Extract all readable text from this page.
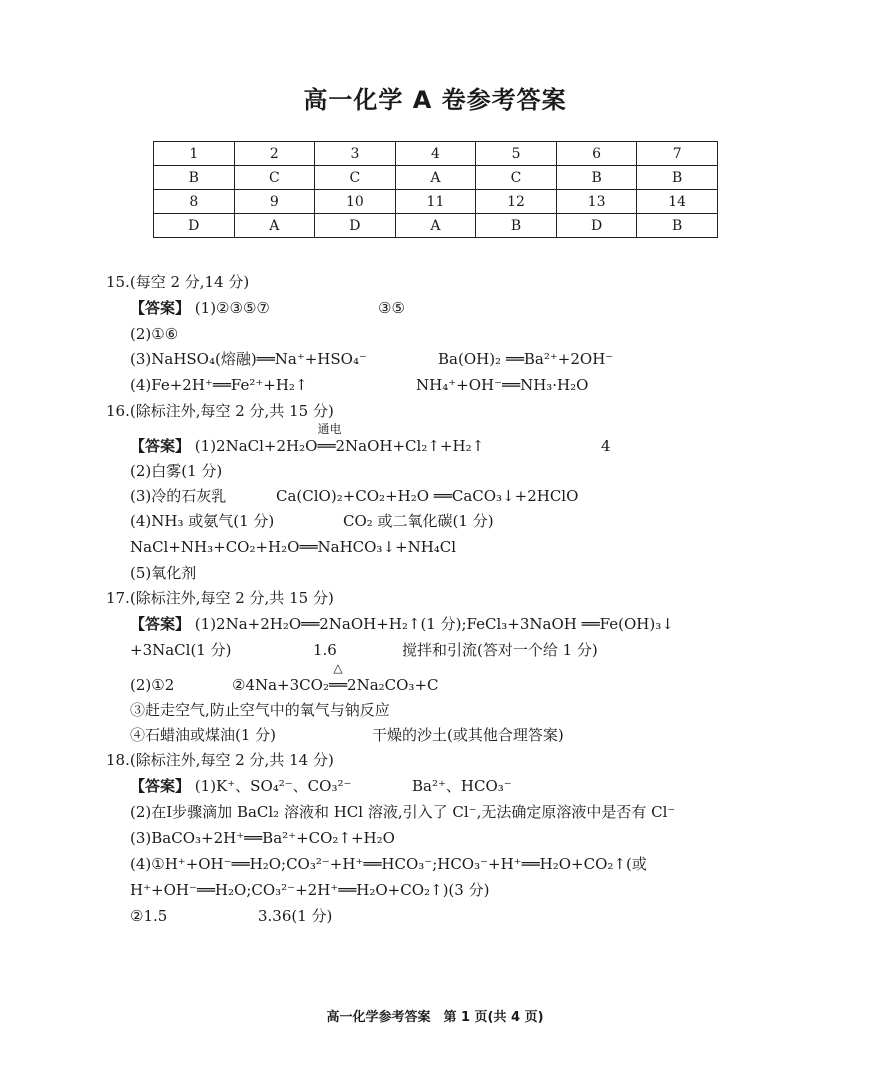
高一化学 A 卷参考答案
1	2	3	4	5	6	7
B	C	C	A	C	B	B
8	9	10	11	12	13	14
D	A	D	A	B	D	B
15.(每空 2 分,14 分)
【答案】 (1)②③⑤⑦	③⑤
(2)①⑥
(3)NaHSO₄(熔融)══Na⁺+HSO₄⁻	Ba(OH)₂ ══Ba²⁺+2OH⁻
(4)Fe+2H⁺══Fe²⁺+H₂↑	NH₄⁺+OH⁻══NH₃·H₂O
16.(除标注外,每空 2 分,共 15 分)
【答案】 (1)2NaCl+2H₂O
通电
══2NaOH+Cl₂↑+H₂↑	4
(2)白雾(1 分)
(3)冷的石灰乳	Ca(ClO)₂+CO₂+H₂O ══CaCO₃↓+2HClO
(4)NH₃ 或氨气(1 分)	CO₂ 或二氧化碳(1 分)
NaCl+NH₃+CO₂+H₂O══NaHCO₃↓+NH₄Cl
(5)氧化剂
17.(除标注外,每空 2 分,共 15 分)
【答案】 (1)2Na+2H₂O══2NaOH+H₂↑(1 分);FeCl₃+3NaOH ══Fe(OH)₃↓
+3NaCl(1 分)	1.6	搅拌和引流(答对一个给 1 分)
(2)①2	②4Na+3CO₂
△
══2Na₂CO₃+C
③赶走空气,防止空气中的氧气与钠反应
④石蜡油或煤油(1 分)	干燥的沙土(或其他合理答案)
18.(除标注外,每空 2 分,共 14 分)
【答案】 (1)K⁺、SO₄²⁻、CO₃²⁻	Ba²⁺、HCO₃⁻
(2)在Ⅰ步骤滴加 BaCl₂ 溶液和 HCl 溶液,引入了 Cl⁻,无法确定原溶液中是否有 Cl⁻
(3)BaCO₃+2H⁺══Ba²⁺+CO₂↑+H₂O
(4)①H⁺+OH⁻══H₂O;CO₃²⁻+H⁺══HCO₃⁻;HCO₃⁻+H⁺══H₂O+CO₂↑(或
H⁺+OH⁻══H₂O;CO₃²⁻+2H⁺══H₂O+CO₂↑)(3 分)
②1.5	3.36(1 分)
高一化学参考答案　第 1 页(共 4 页)
